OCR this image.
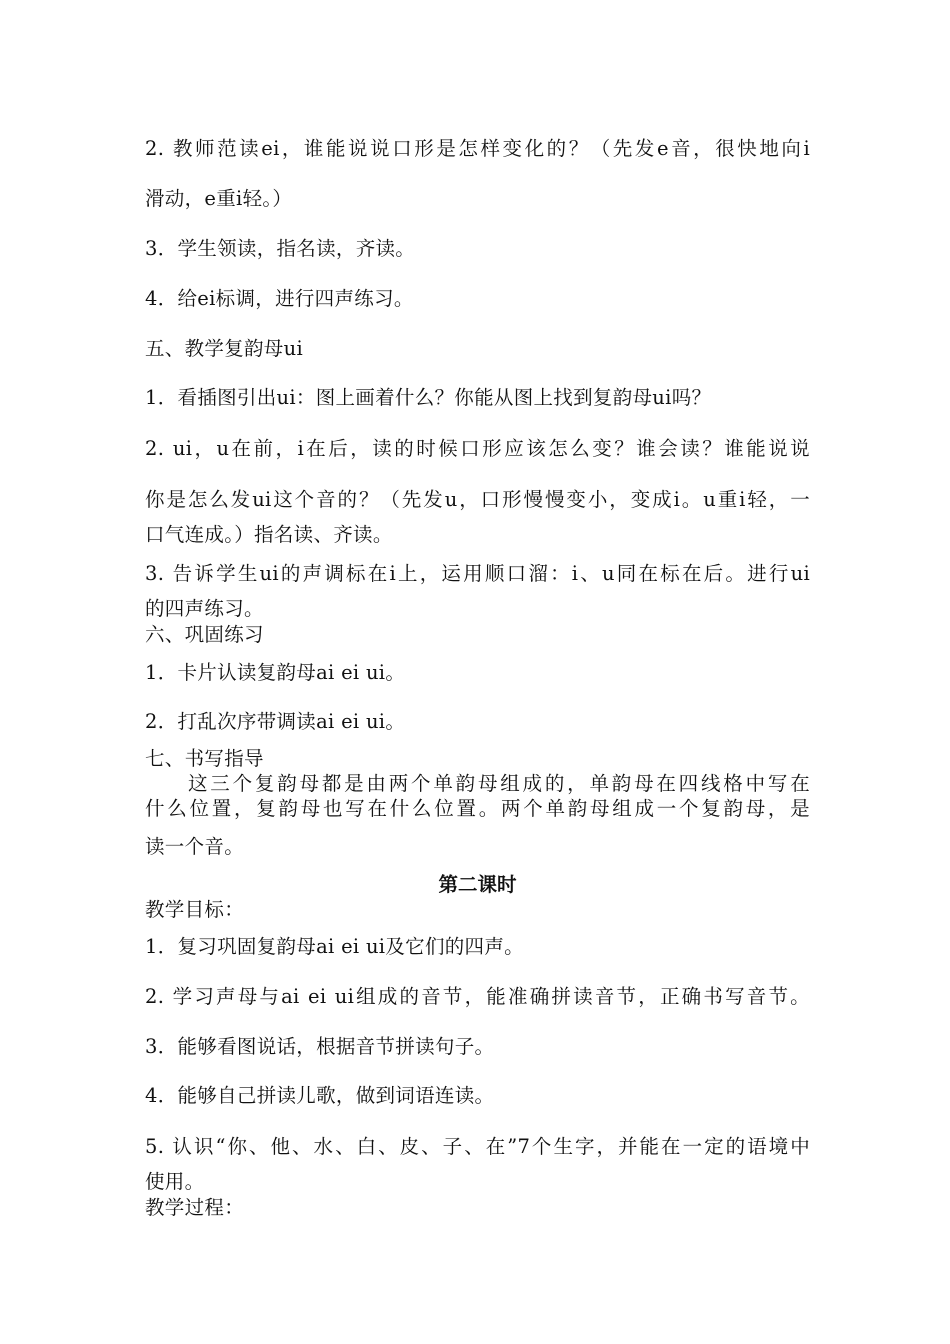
2. 教师范读ei，谁能说说口形是怎样变化的？（先发e音，很快地向i
滑动，e重i轻。）
3．学生领读，指名读，齐读。
4．给ei标调，进行四声练习。
五、教学复韵母ui
1．看插图引出ui：图上画着什么？你能从图上找到复韵母ui吗？
2. ui，u在前，i在后，读的时候口形应该怎么变？谁会读？谁能说说
你是怎么发ui这个音的？（先发u，口形慢慢变小，变成i。u重i轻，一
口气连成。）指名读、齐读。
3. 告诉学生ui的声调标在i上，运用顺口溜：i、u同在标在后。进行ui
的四声练习。
六、巩固练习
1．卡片认读复韵母ai ei ui。
2．打乱次序带调读ai ei ui。
七、书写指导
这三个复韵母都是由两个单韵母组成的，单韵母在四线格中写在
什么位置，复韵母也写在什么位置。两个单韵母组成一个复韵母，是
读一个音。
第二课时
教学目标：
1．复习巩固复韵母ai ei ui及它们的四声。
2. 学习声母与ai ei ui组成的音节，能准确拼读音节，正确书写音节。
3．能够看图说话，根据音节拼读句子。
4．能够自己拼读儿歌，做到词语连读。
5. 认识“你、他、水、白、皮、子、在”7个生字，并能在一定的语境中
使用。
教学过程：
